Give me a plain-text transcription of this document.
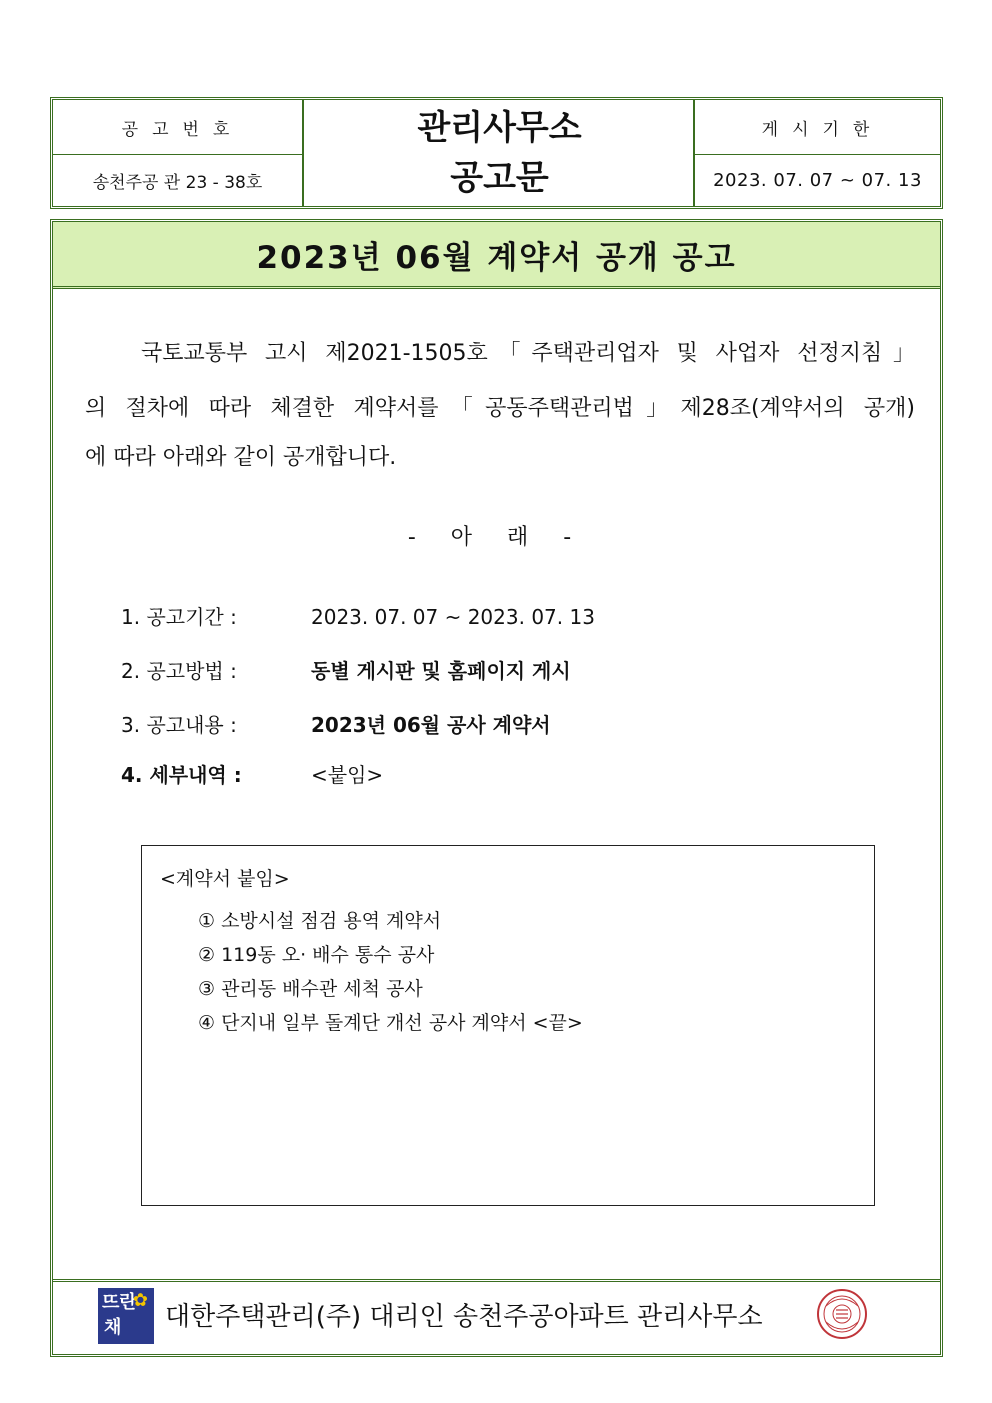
공고번호
송천주공 관 23 - 38호
관 리 사 무 소
공 고 문
게시기한
2023. 07. 07 ~ 07. 13
2023년 06월 계약서 공개 공고
국토교통부 고시 제2021-1505호「주택관리업자 및 사업자 선정지침」
의 절차에 따라 체결한 계약서를「공동주택관리법」제28조(계약서의 공개)
에 따라 아래와 같이 공개합니다.
- 아 래 -
1. 공고기간 :	2023. 07. 07 ~ 2023. 07. 13
2. 공고방법 :	동별 게시판 및 홈페이지 게시
3. 공고내용 :	2023년 06월 공사 계약서
4. 세부내역 :	<붙임>
<계약서 붙임>
① 소방시설 점검 용역 계약서
② 119동 오· 배수 통수 공사
③ 관리동 배수관 세척 공사
④ 단지내 일부 돌계단 개선 공사 계약서 <끝>
뜨란
채
✿
대한주택관리(주) 대리인 송천주공아파트 관리사무소
